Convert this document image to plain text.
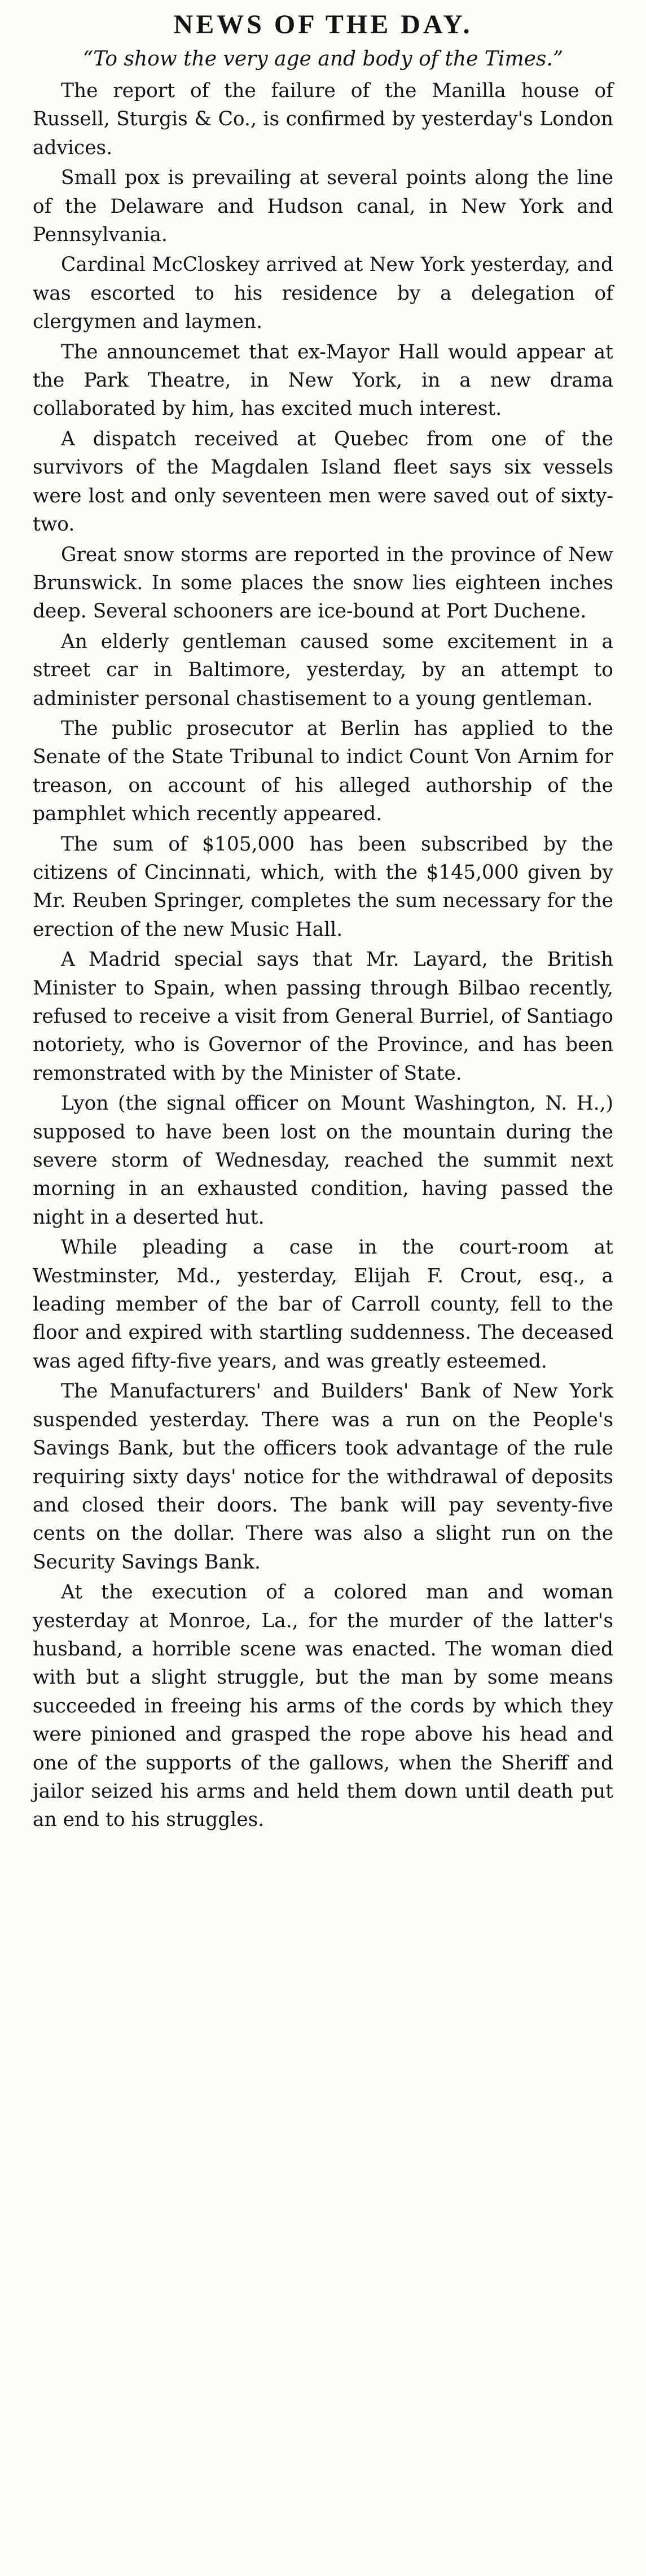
NEWS OF THE DAY.

“To show the very age and body of the Times.”

The report of the failure of the Manilla house of Russell, Sturgis & Co., is confirmed by yesterday's London advices.

Small pox is prevailing at several points along the line of the Delaware and Hudson canal, in New York and Pennsylvania.

Cardinal McCloskey arrived at New York yesterday, and was escorted to his residence by a delegation of clergymen and laymen.

The announcemet that ex-Mayor Hall would appear at the Park Theatre, in New York, in a new drama collaborated by him, has excited much interest.

A dispatch received at Quebec from one of the survivors of the Magdalen Island fleet says six vessels were lost and only seventeen men were saved out of sixty-two.

Great snow storms are reported in the province of New Brunswick. In some places the snow lies eighteen inches deep. Several schooners are ice-bound at Port Duchene.

An elderly gentleman caused some excitement in a street car in Baltimore, yesterday, by an attempt to administer personal chastisement to a young gentleman.

The public prosecutor at Berlin has applied to the Senate of the State Tribunal to indict Count Von Arnim for treason, on account of his alleged authorship of the pamphlet which recently appeared.

The sum of $105,000 has been subscribed by the citizens of Cincinnati, which, with the $145,000 given by Mr. Reuben Springer, completes the sum necessary for the erection of the new Music Hall.

A Madrid special says that Mr. Layard, the British Minister to Spain, when passing through Bilbao recently, refused to receive a visit from General Burriel, of Santiago notoriety, who is Governor of the Province, and has been remonstrated with by the Minister of State.

Lyon (the signal officer on Mount Washington, N. H.,) supposed to have been lost on the mountain during the severe storm of Wednesday, reached the summit next morning in an exhausted condition, having passed the night in a deserted hut.

While pleading a case in the court-room at Westminster, Md., yesterday, Elijah F. Crout, esq., a leading member of the bar of Carroll county, fell to the floor and expired with startling suddenness. The deceased was aged fifty-five years, and was greatly esteemed.

The Manufacturers' and Builders' Bank of New York suspended yesterday. There was a run on the People's Savings Bank, but the officers took advantage of the rule requiring sixty days' notice for the withdrawal of deposits and closed their doors. The bank will pay seventy-five cents on the dollar. There was also a slight run on the Security Savings Bank.

At the execution of a colored man and woman yesterday at Monroe, La., for the murder of the latter's husband, a horrible scene was enacted. The woman died with but a slight struggle, but the man by some means succeeded in freeing his arms of the cords by which they were pinioned and grasped the rope above his head and one of the supports of the gallows, when the Sheriff and jailor seized his arms and held them down until death put an end to his struggles.
